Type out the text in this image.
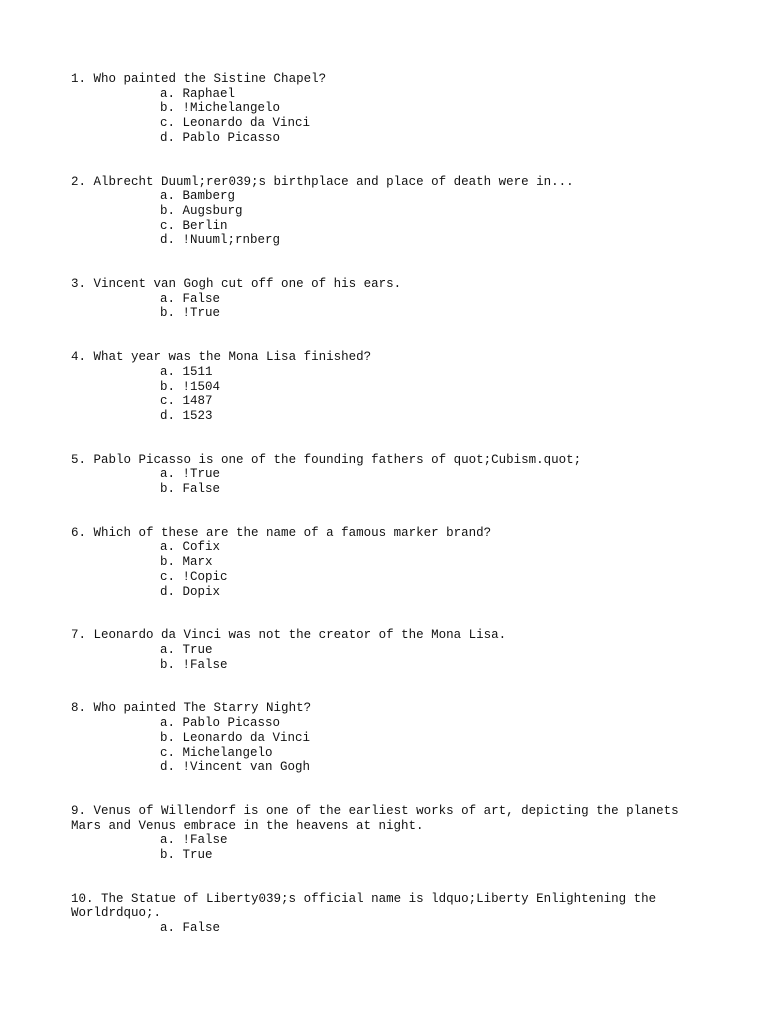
1. Who painted the Sistine Chapel?
a. Raphael
b. !Michelangelo
c. Leonardo da Vinci
d. Pablo Picasso
2. Albrecht Duuml;rer039;s birthplace and place of death were in...
a. Bamberg
b. Augsburg
c. Berlin
d. !Nuuml;rnberg
3. Vincent van Gogh cut off one of his ears.
a. False
b. !True
4. What year was the Mona Lisa finished?
a. 1511
b. !1504
c. 1487
d. 1523
5. Pablo Picasso is one of the founding fathers of quot;Cubism.quot;
a. !True
b. False
6. Which of these are the name of a famous marker brand?
a. Cofix
b. Marx
c. !Copic
d. Dopix
7. Leonardo da Vinci was not the creator of the Mona Lisa.
a. True
b. !False
8. Who painted The Starry Night?
a. Pablo Picasso
b. Leonardo da Vinci
c. Michelangelo
d. !Vincent van Gogh
9. Venus of Willendorf is one of the earliest works of art, depicting the planets Mars and Venus embrace in the heavens at night.
a. !False
b. True
10. The Statue of Liberty039;s official name is ldquo;Liberty Enlightening the Worldrdquo;.
a. False
